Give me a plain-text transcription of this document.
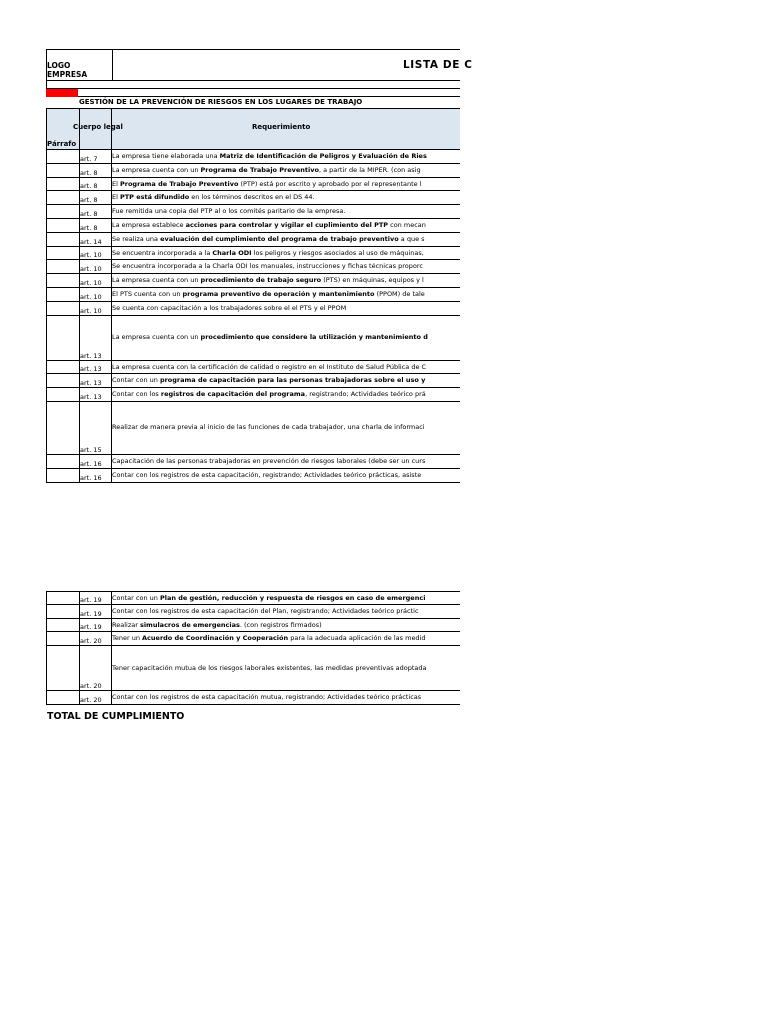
LOGO EMPRESA
LISTA DE C
GESTIÓN DE LA PREVENCIÓN DE RIESGOS EN LOS LUGARES DE TRABAJO
Párrafo
Cuerpo legal	Requerimiento
art. 7 La empresa tiene elaborada una Matriz de Identificación de Peligros y Evaluación de Ries
art. 8 La empresa cuenta con un Programa de Trabajo Preventivo, a partir de la MIPER. (con asig
art. 8 El Programa de Trabajo Preventivo (PTP) está por escrito y aprobado por el representante l
art. 8 El PTP está difundido en los términos descritos en el DS 44.
art. 8 Fue remitida una copia del PTP al o los comités paritario de la empresa.
art. 8 La empresa establece acciones para controlar y vigilar el cuplimiento del PTP con mecan
art. 14 Se realiza una evaluación del cumplimiento del programa de trabajo preventivo a que s
art. 10 Se encuentra incorporada a la Charla ODI los peligros y riesgos asociados al uso de máquinas,
art. 10 Se encuentra incorporada a la Charla ODI los manuales, instrucciones y fichas técnicas proporc
art. 10 La empresa cuenta con un procedimiento de trabajo seguro (PTS) en máquinas, equipos y l
art. 10 El PTS cuenta con un programa preventivo de operación y mantenimiento (PPOM) de tale
art. 10 Se cuenta con capacitación a los trabajadores sobre el el PTS y el PPOM
art. 13
La empresa cuenta con un procedimiento que considere la utilización y mantenimiento d
art. 13 La empresa cuenta con la certificación de calidad o registro en el Instituto de Salud Pública de C
art. 13 Contar con un programa de capacitación para las personas trabajadoras sobre el uso y
art. 13 Contar con los registros de capacitación del programa, registrando; Actividades teórico prá
art. 15
Realizar de manera previa al inicio de las funciones de cada trabajador, una charla de informaci
art. 16 Capacitación de las personas trabajadoras en prevención de riesgos laborales (debe ser un curs
art. 16 Contar con los registros de esta capacitación, registrando; Actividades teórico prácticas, asiste
art. 19 Contar con un Plan de gestión, reducción y respuesta de riesgos en caso de emergenci
art. 19 Contar con los registros de esta capacitación del Plan, registrando; Actividades teórico práctic
art. 19 Realizar simulacros de emergencias. (con registros firmados)
art. 20 Tener un Acuerdo de Coordinación y Cooperación para la adecuada aplicación de las medid
art. 20
Tener capacitación mutua de los riesgos laborales existentes, las medidas preventivas adoptada
art. 20 Contar con los registros de esta capacitación mutua, registrando; Actividades teórico prácticas
TOTAL DE CUMPLIMIENTO
